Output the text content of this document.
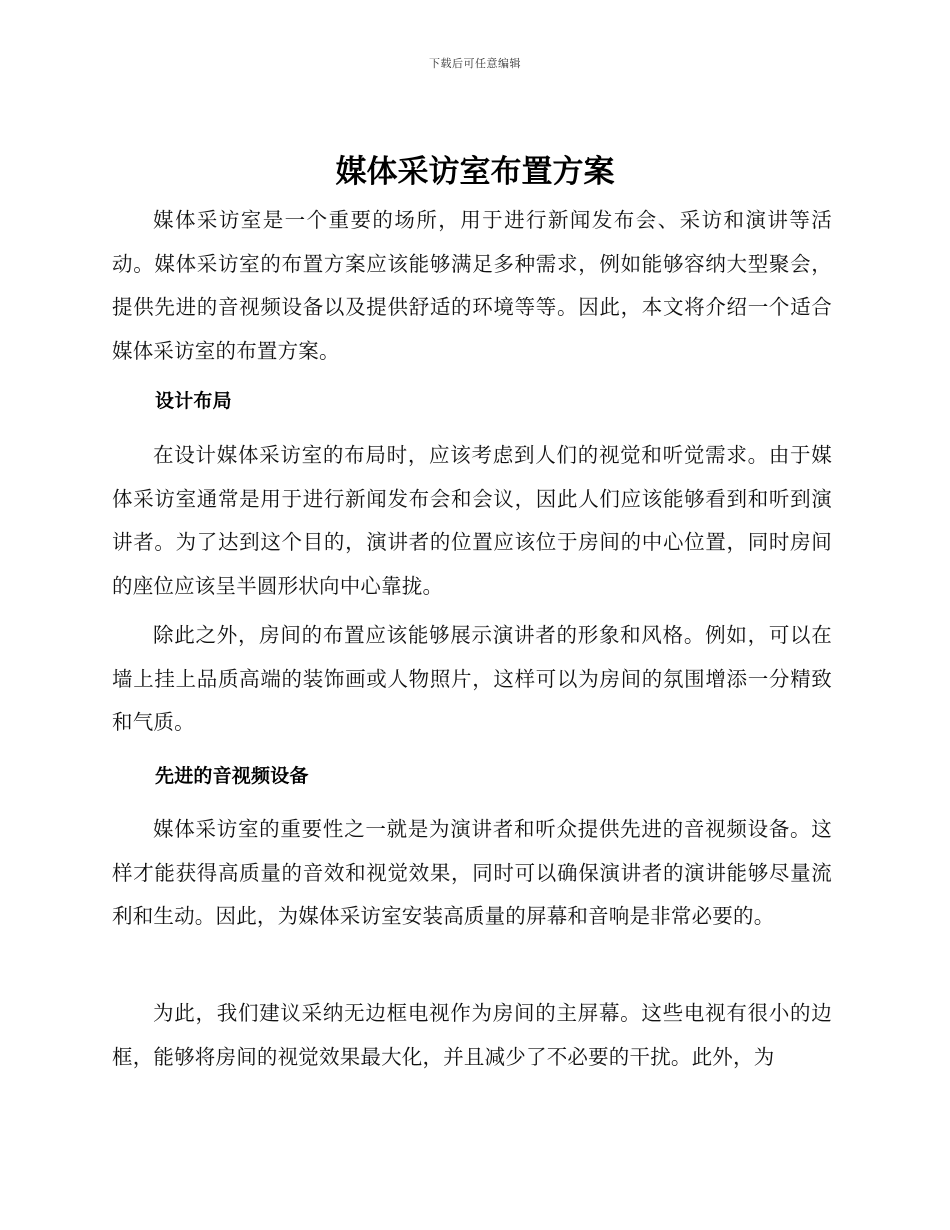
下载后可任意编辑
媒体采访室布置方案

媒体采访室是一个重要的场所，用于进行新闻发布会、采访和演讲等活动。媒体采访室的布置方案应该能够满足多种需求，例如能够容纳大型聚会，提供先进的音视频设备以及提供舒适的环境等等。因此，本文将介绍一个适合媒体采访室的布置方案。

设计布局

在设计媒体采访室的布局时，应该考虑到人们的视觉和听觉需求。由于媒体采访室通常是用于进行新闻发布会和会议，因此人们应该能够看到和听到演讲者。为了达到这个目的，演讲者的位置应该位于房间的中心位置，同时房间的座位应该呈半圆形状向中心靠拢。

除此之外，房间的布置应该能够展示演讲者的形象和风格。例如，可以在墙上挂上品质高端的装饰画或人物照片，这样可以为房间的氛围增添一分精致和气质。

先进的音视频设备

媒体采访室的重要性之一就是为演讲者和听众提供先进的音视频设备。这样才能获得高质量的音效和视觉效果，同时可以确保演讲者的演讲能够尽量流利和生动。因此，为媒体采访室安装高质量的屏幕和音响是非常必要的。

为此，我们建议采纳无边框电视作为房间的主屏幕。这些电视有很小的边框，能够将房间的视觉效果最大化，并且减少了不必要的干扰。此外，为
